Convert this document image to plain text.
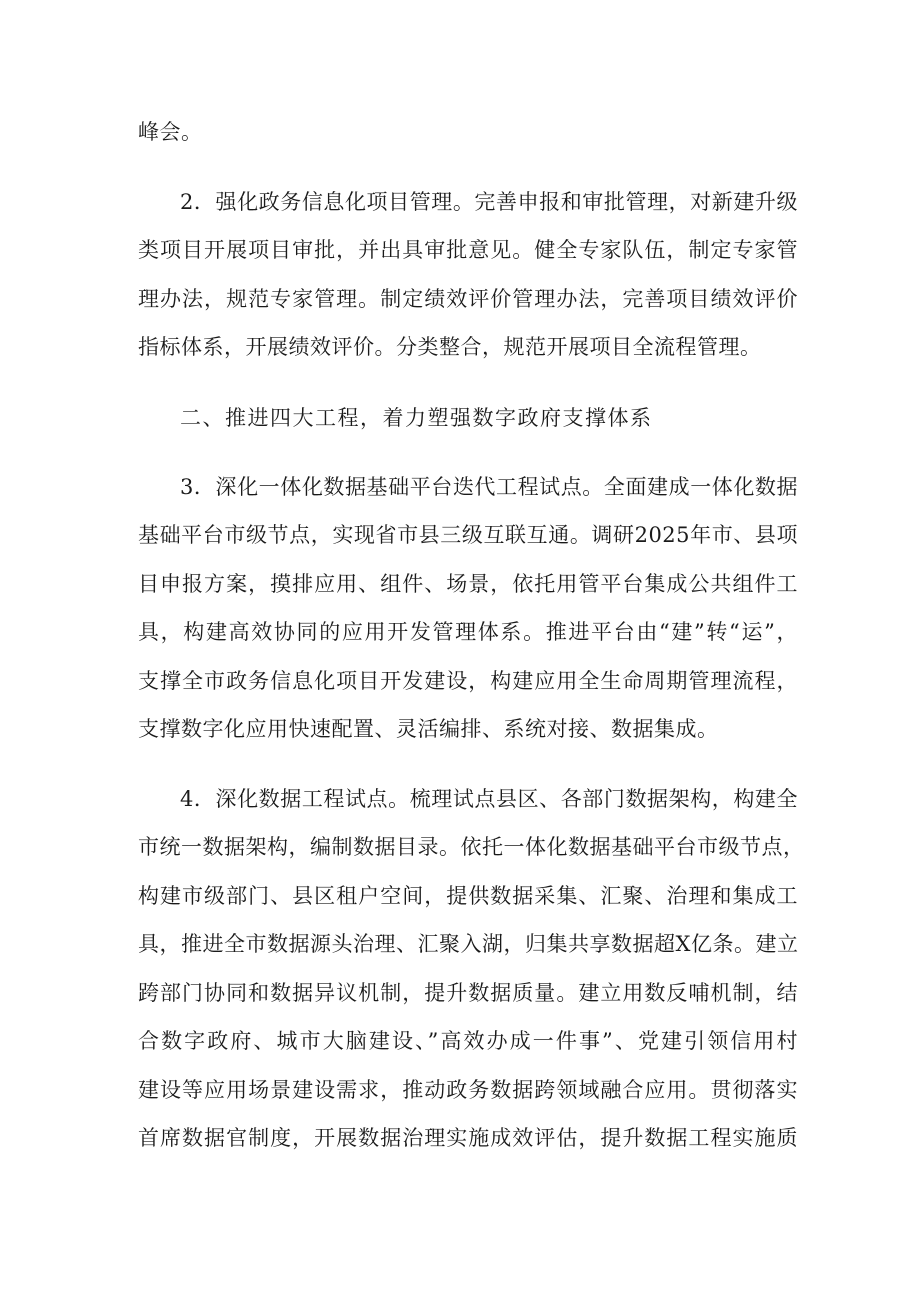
峰会。
2．强化政务信息化项目管理。完善申报和审批管理，对新建升级
类项目开展项目审批，并出具审批意见。健全专家队伍，制定专家管
理办法，规范专家管理。制定绩效评价管理办法，完善项目绩效评价
指标体系，开展绩效评价。分类整合，规范开展项目全流程管理。
二、推进四大工程，着力塑强数字政府支撑体系
3．深化一体化数据基础平台迭代工程试点。全面建成一体化数据
基础平台市级节点，实现省市县三级互联互通。调研2025年市、县项
目申报方案，摸排应用、组件、场景，依托用管平台集成公共组件工
具，构建高效协同的应用开发管理体系。推进平台由“建”转“运”，
支撑全市政务信息化项目开发建设，构建应用全生命周期管理流程，
支撑数字化应用快速配置、灵活编排、系统对接、数据集成。
4．深化数据工程试点。梳理试点县区、各部门数据架构，构建全
市统一数据架构，编制数据目录。依托一体化数据基础平台市级节点，
构建市级部门、县区租户空间，提供数据采集、汇聚、治理和集成工
具，推进全市数据源头治理、汇聚入湖，归集共享数据超X亿条。建立
跨部门协同和数据异议机制，提升数据质量。建立用数反哺机制，结
合数字政府、城市大脑建设、”高效办成一件事”、党建引领信用村
建设等应用场景建设需求，推动政务数据跨领域融合应用。贯彻落实
首席数据官制度，开展数据治理实施成效评估，提升数据工程实施质
